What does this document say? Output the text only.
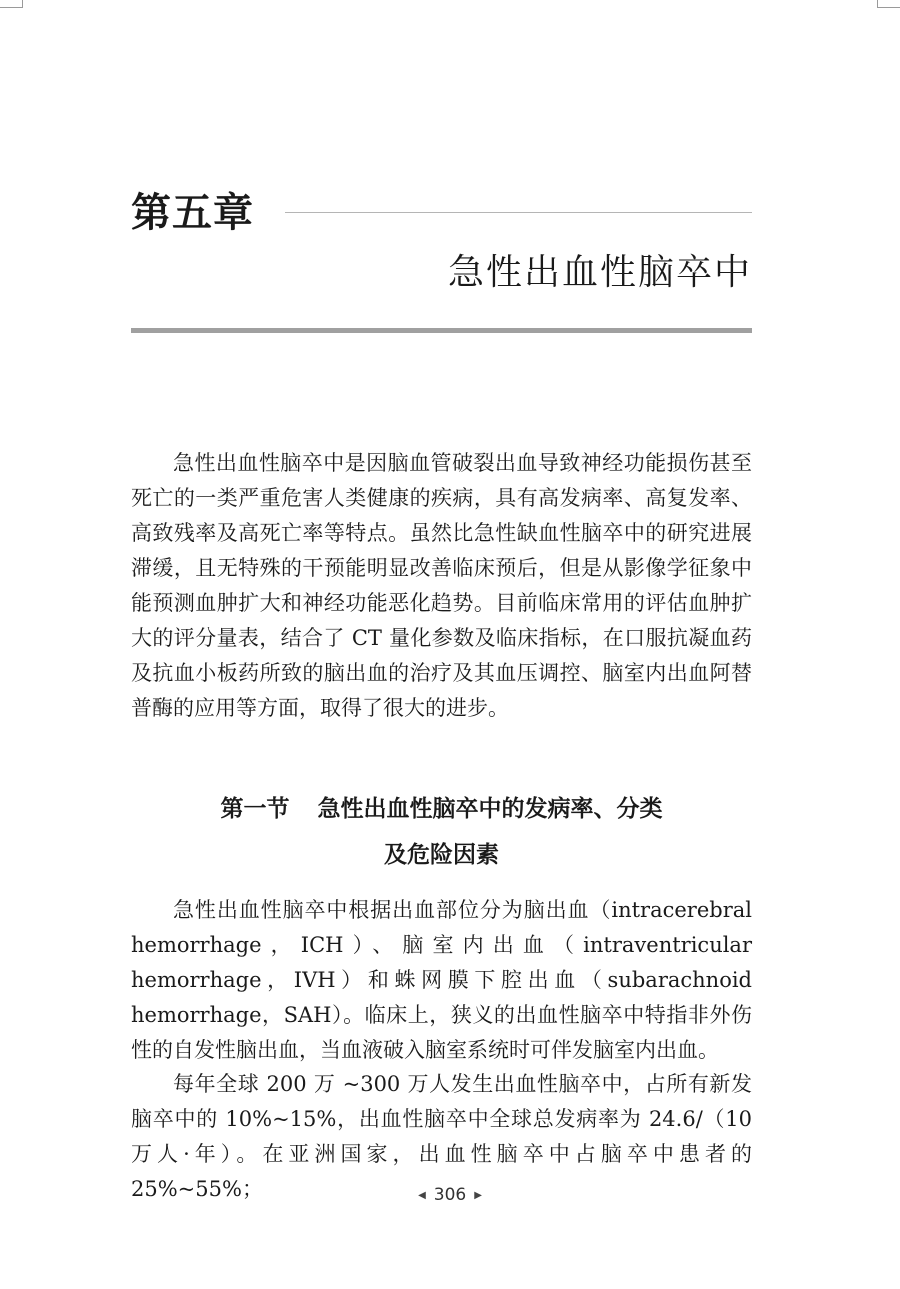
第五章
急性出血性脑卒中

急性出血性脑卒中是因脑血管破裂出血导致神经功能损伤甚至死亡的一类严重危害人类健康的疾病，具有高发病率、高复发率、高致残率及高死亡率等特点。虽然比急性缺血性脑卒中的研究进展滞缓，且无特殊的干预能明显改善临床预后，但是从影像学征象中能预测血肿扩大和神经功能恶化趋势。目前临床常用的评估血肿扩大的评分量表，结合了 CT 量化参数及临床指标，在口服抗凝血药及抗血小板药所致的脑出血的治疗及其血压调控、脑室内出血阿替普酶的应用等方面，取得了很大的进步。

第一节 急性出血性脑卒中的发病率、分类
及危险因素

急性出血性脑卒中根据出血部位分为脑出血（intracerebral hemorrhage，ICH）、脑室内出血（intraventricular hemorrhage，IVH）和蛛网膜下腔出血（subarachnoid hemorrhage，SAH）。临床上，狭义的出血性脑卒中特指非外伤性的自发性脑出血，当血液破入脑室系统时可伴发脑室内出血。

每年全球 200 万 ~300 万人发生出血性脑卒中，占所有新发脑卒中的 10%~15%，出血性脑卒中全球总发病率为 24.6/（10 万人·年）。在亚洲国家，出血性脑卒中占脑卒中患者的 25%~55%；	◀ 306 ▶
